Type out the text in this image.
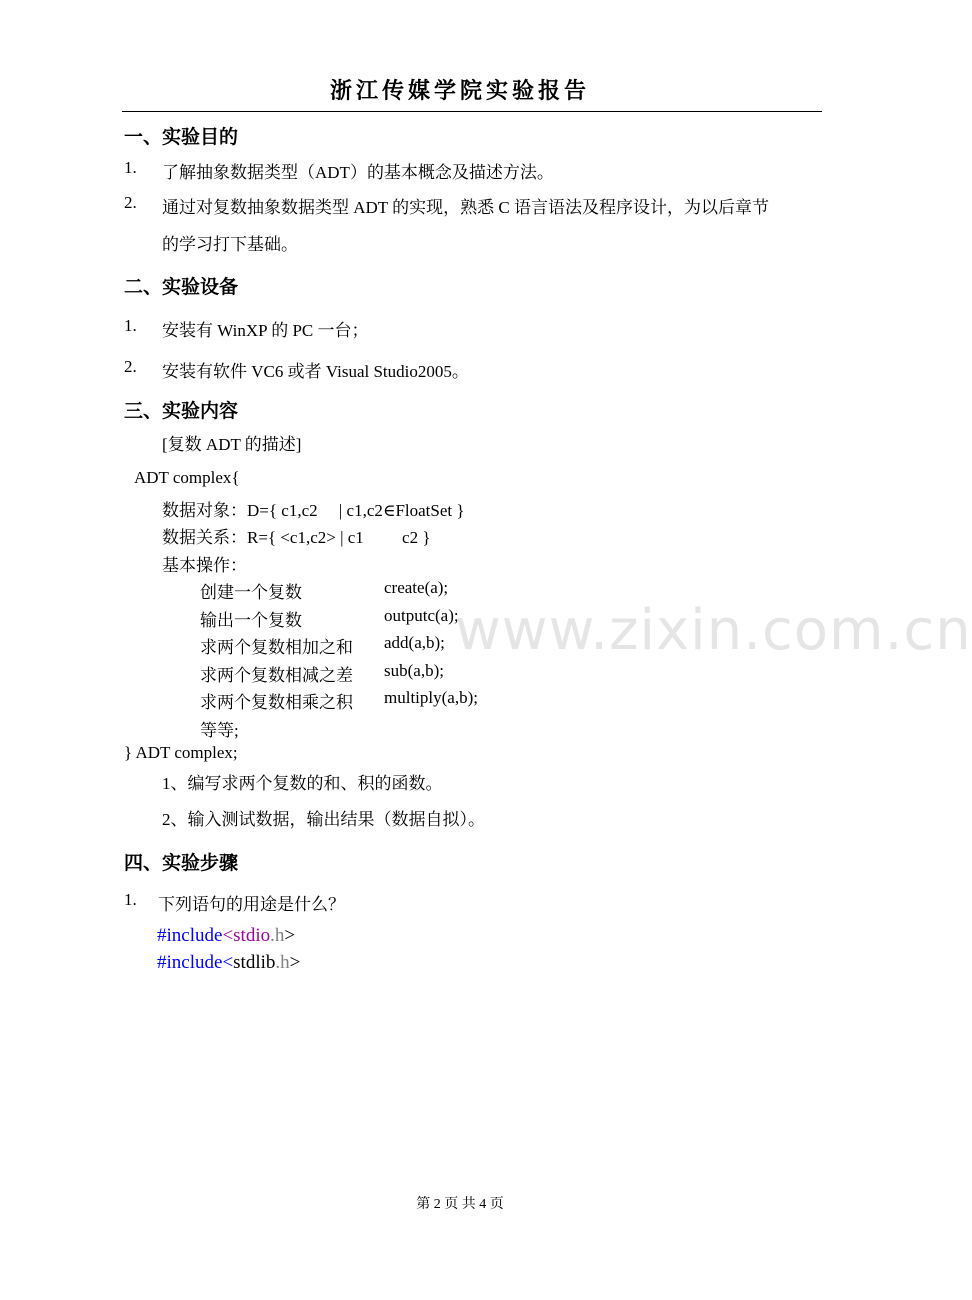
浙江传媒学院实验报告
一、实验目的
1. 了解抽象数据类型（ADT）的基本概念及描述方法。
2. 通过对复数抽象数据类型 ADT 的实现，熟悉 C 语言语法及程序设计，为以后章节
的学习打下基础。
二、实验设备
1. 安装有 WinXP 的 PC 一台；
2. 安装有软件 VC6 或者 Visual Studio2005。
三、实验内容
[复数 ADT 的描述]
ADT complex{
数据对象：D={ c1,c2 　| c1,c2∈FloatSet }
数据关系：R={ <c1,c2> | c1 　　c2 }
基本操作：
创建一个复数	create(a);
输出一个复数	outputc(a);
求两个复数相加之和 add(a,b);
求两个复数相减之差 sub(a,b);
求两个复数相乘之积 multiply(a,b);
等等;
} ADT complex;
1、编写求两个复数的和、积的函数。
2、输入测试数据，输出结果（数据自拟）。
四、实验步骤
1. 下列语句的用途是什么？
#include<stdio.h>
#include<stdlib.h>
www.zixin.com.cn
第 2 页 共 4 页
